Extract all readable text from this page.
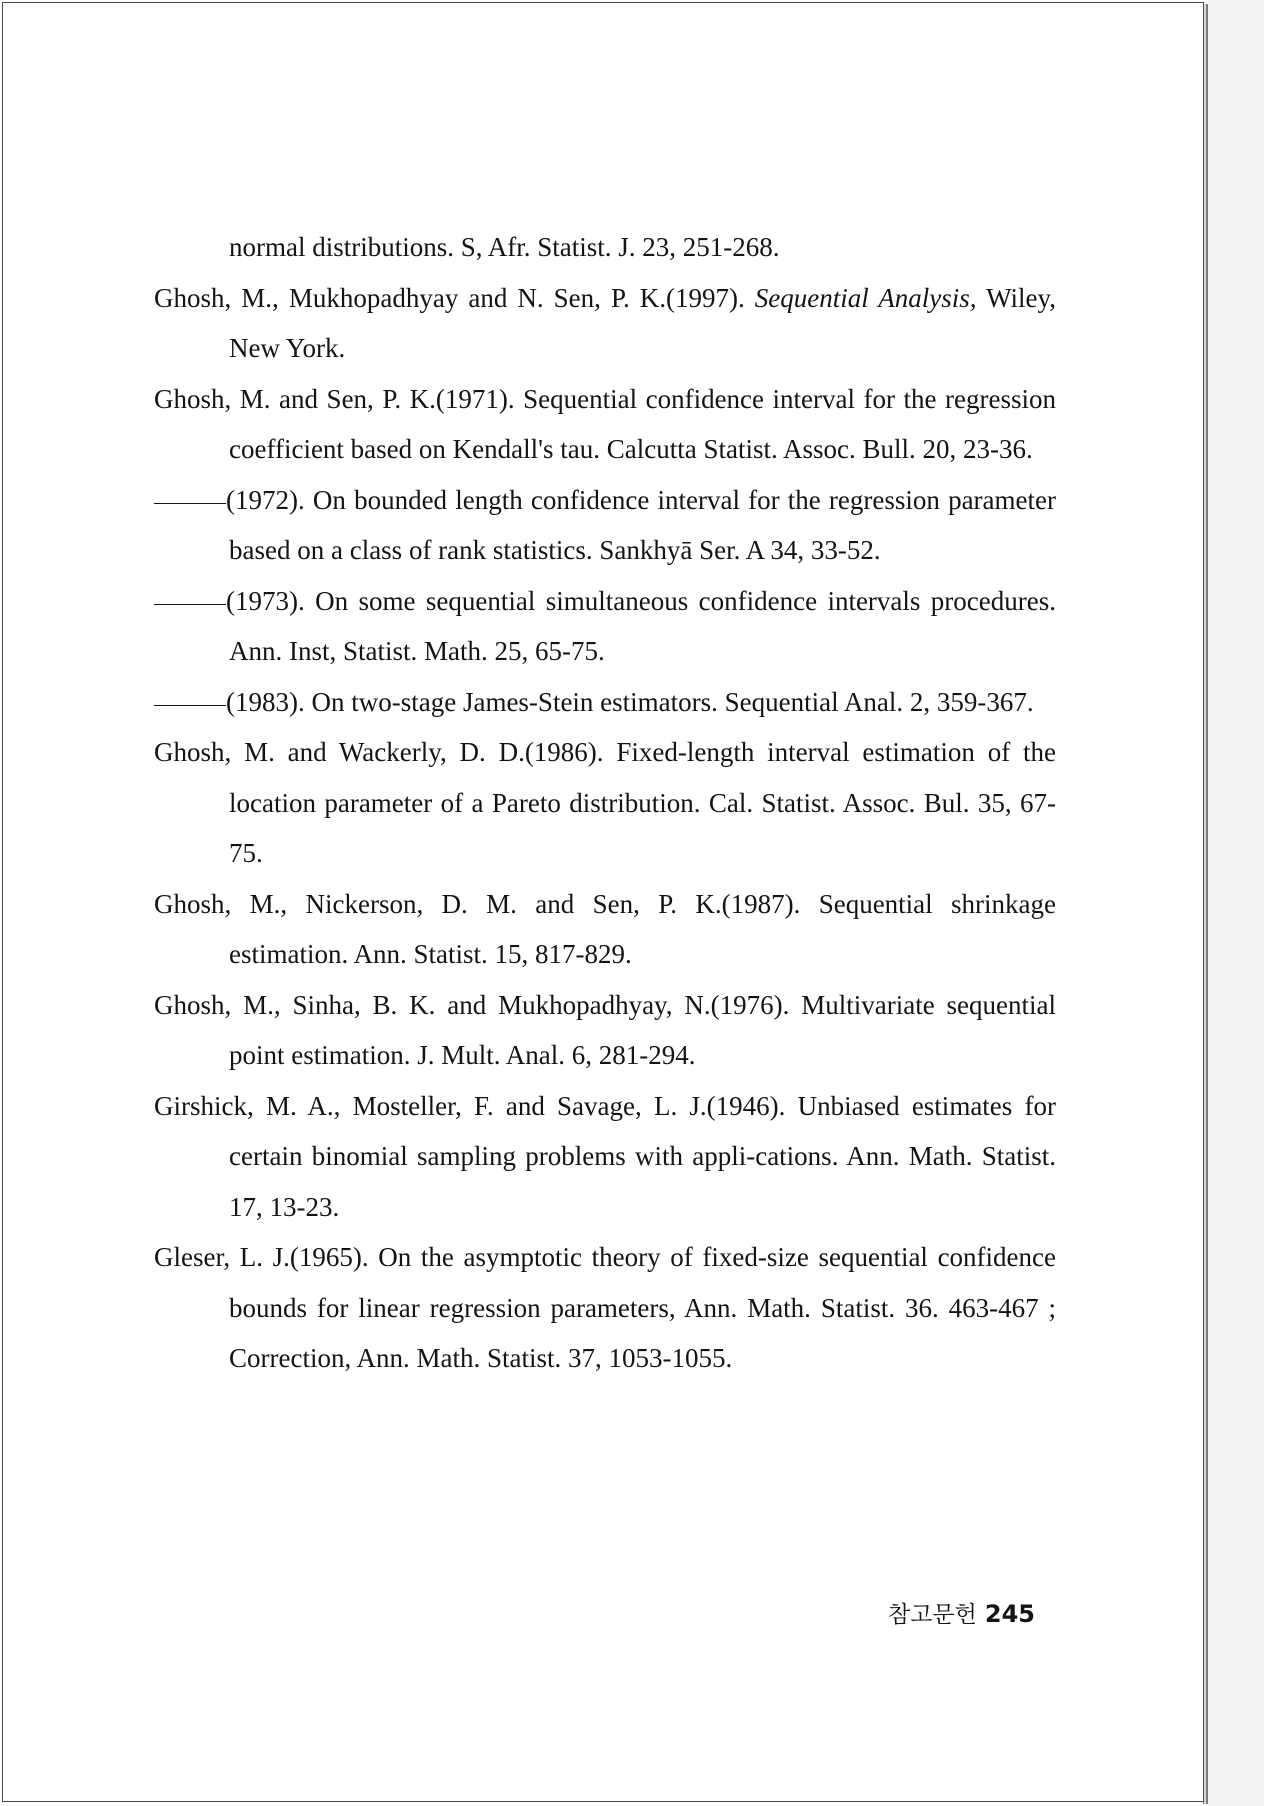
normal distributions. S, Afr. Statist. J. 23, 251-268.

Ghosh, M., Mukhopadhyay and N. Sen, P. K.(1997). Sequential Analysis, Wiley, New York.

Ghosh, M. and Sen, P. K.(1971). Sequential confidence interval for the regression coefficient based on Kendall's tau. Calcutta Statist. Assoc. Bull. 20, 23-36.

(1972). On bounded length confidence interval for the regression parameter based on a class of rank statistics. Sankhyā Ser. A 34, 33-52.

(1973). On some sequential simultaneous confidence intervals procedures. Ann. Inst, Statist. Math. 25, 65-75.

(1983). On two-stage James-Stein estimators. Sequential Anal. 2, 359-367.

Ghosh, M. and Wackerly, D. D.(1986). Fixed-length interval estimation of the location parameter of a Pareto distribution. Cal. Statist. Assoc. Bul. 35, 67-75.

Ghosh, M., Nickerson, D. M. and Sen, P. K.(1987). Sequential shrinkage estimation. Ann. Statist. 15, 817-829.

Ghosh, M., Sinha, B. K. and Mukhopadhyay, N.(1976). Multivariate sequential point estimation. J. Mult. Anal. 6, 281-294.

Girshick, M. A., Mosteller, F. and Savage, L. J.(1946). Unbiased estimates for certain binomial sampling problems with appli-cations. Ann. Math. Statist. 17, 13-23.

Gleser, L. J.(1965). On the asymptotic theory of fixed-size sequential confidence bounds for linear regression parameters, Ann. Math. Statist. 36. 463-467 ; Correction, Ann. Math. Statist. 37, 1053-1055.

참고문헌 245
